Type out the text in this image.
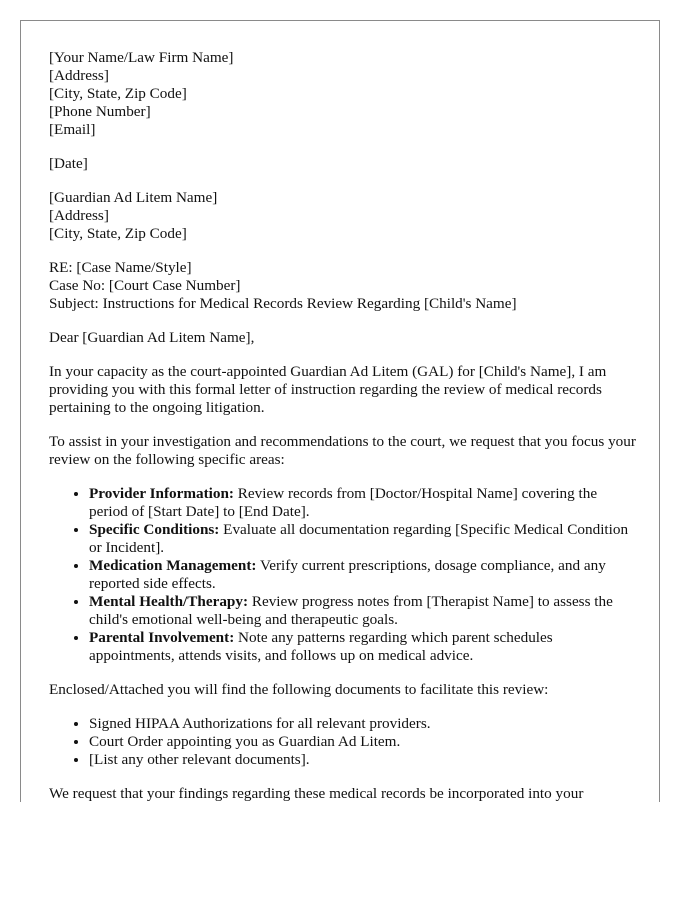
[Your Name/Law Firm Name]
[Address]
[City, State, Zip Code]
[Phone Number]
[Email]
[Date]
[Guardian Ad Litem Name]
[Address]
[City, State, Zip Code]
RE: [Case Name/Style]
Case No: [Court Case Number]
Subject: Instructions for Medical Records Review Regarding [Child's Name]

Dear [Guardian Ad Litem Name],

In your capacity as the court-appointed Guardian Ad Litem (GAL) for [Child's Name], I am providing you with this formal letter of instruction regarding the review of medical records pertaining to the ongoing litigation.

To assist in your investigation and recommendations to the court, we request that you focus your review on the following specific areas:

• Provider Information: Review records from [Doctor/Hospital Name] covering the period of [Start Date] to [End Date].
• Specific Conditions: Evaluate all documentation regarding [Specific Medical Condition or Incident].
• Medication Management: Verify current prescriptions, dosage compliance, and any reported side effects.
• Mental Health/Therapy: Review progress notes from [Therapist Name] to assess the child's emotional well-being and therapeutic goals.
• Parental Involvement: Note any patterns regarding which parent schedules appointments, attends visits, and follows up on medical advice.

Enclosed/Attached you will find the following documents to facilitate this review:

• Signed HIPAA Authorizations for all relevant providers.
• Court Order appointing you as Guardian Ad Litem.
• [List any other relevant documents].

We request that your findings regarding these medical records be incorporated into your
